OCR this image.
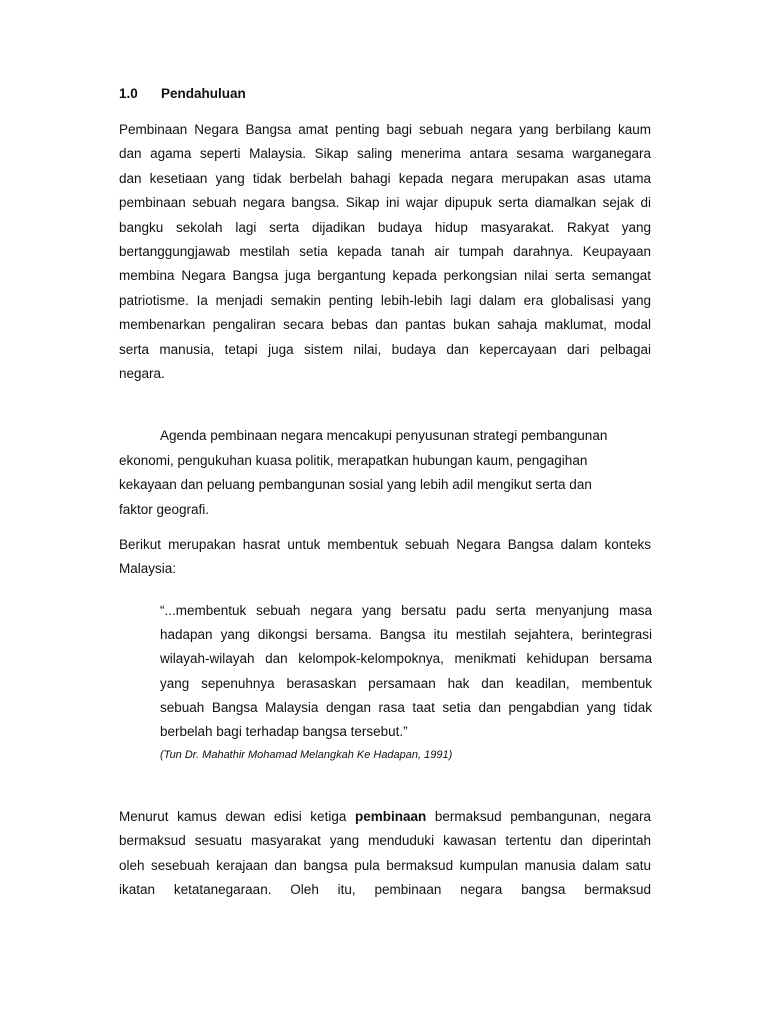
1.0 Pendahuluan
Pembinaan Negara Bangsa amat penting bagi sebuah negara yang berbilang kaum
dan agama seperti Malaysia. Sikap saling menerima antara sesama warganegara
dan kesetiaan yang tidak berbelah bahagi kepada negara merupakan asas utama
pembinaan sebuah negara bangsa. Sikap ini wajar dipupuk serta diamalkan sejak di
bangku sekolah lagi serta dijadikan budaya hidup masyarakat. Rakyat yang
bertanggungjawab mestilah setia kepada tanah air tumpah darahnya. Keupayaan
membina Negara Bangsa juga bergantung kepada perkongsian nilai serta semangat
patriotisme. Ia menjadi semakin penting lebih-lebih lagi dalam era globalisasi yang
membenarkan pengaliran secara bebas dan pantas bukan sahaja maklumat, modal
serta manusia, tetapi juga sistem nilai, budaya dan kepercayaan dari pelbagai
negara.
Agenda pembinaan negara mencakupi penyusunan strategi pembangunan
ekonomi, pengukuhan kuasa politik, merapatkan hubungan kaum, pengagihan
kekayaan dan peluang pembangunan sosial yang lebih adil mengikut serta dan
faktor geografi.
Berikut merupakan hasrat untuk membentuk sebuah Negara Bangsa dalam konteks
Malaysia:
“...membentuk sebuah negara yang bersatu padu serta menyanjung masa
hadapan yang dikongsi bersama. Bangsa itu mestilah sejahtera, berintegrasi
wilayah-wilayah dan kelompok-kelompoknya, menikmati kehidupan bersama
yang sepenuhnya berasaskan persamaan hak dan keadilan, membentuk
sebuah Bangsa Malaysia dengan rasa taat setia dan pengabdian yang tidak
berbelah bagi terhadap bangsa tersebut.”
(Tun Dr. Mahathir Mohamad Melangkah Ke Hadapan, 1991)
Menurut kamus dewan edisi ketiga pembinaan bermaksud pembangunan, negara
bermaksud sesuatu masyarakat yang menduduki kawasan tertentu dan diperintah
oleh sesebuah kerajaan dan bangsa pula bermaksud kumpulan manusia dalam satu
ikatan ketatanegaraan. Oleh itu, pembinaan negara bangsa bermaksud
